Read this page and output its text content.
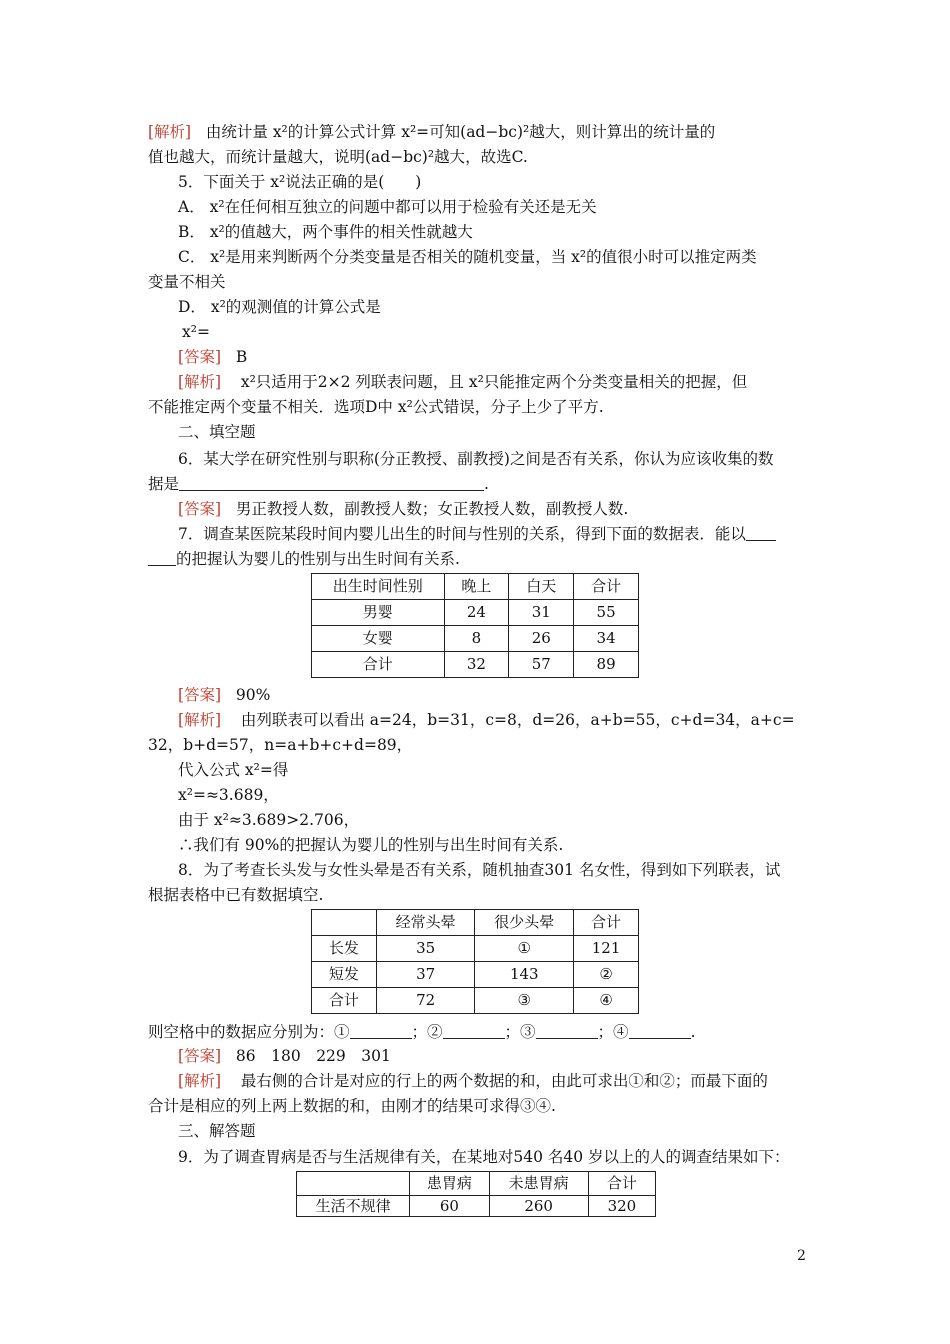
[解析] 由统计量 x²的计算公式计算 x²=可知(ad−bc)²越大，则计算出的统计量的
值也越大，而统计量越大，说明(ad−bc)²越大，故选C.
5．下面关于 x²说法正确的是(　　)
A． x²在任何相互独立的问题中都可以用于检验有关还是无关
B． x²的值越大，两个事件的相关性就越大
C． x²是用来判断两个分类变量是否相关的随机变量，当 x²的值很小时可以推定两类
变量不相关
D． x²的观测值的计算公式是
x²=
[答案] B
[解析] x²只适用于2×2 列联表问题，且 x²只能推定两个分类变量相关的把握，但
不能推定两个变量不相关．选项D中 x²公式错误，分子上少了平方.
二、填空题
6．某大学在研究性别与职称(分正教授、副教授)之间是否有关系，你认为应该收集的数
据是	.
[答案] 男正教授人数，副教授人数；女正教授人数，副教授人数.
7．调查某医院某段时间内婴儿出生的时间与性别的关系，得到下面的数据表．能以
的把握认为婴儿的性别与出生时间有关系.
出生时间性别	晚上	白天	合计
男婴	24	31	55
女婴	8	26	34
合计	32	57	89
[答案] 90%
[解析] 由列联表可以看出 a=24，b=31，c=8，d=26，a+b=55，c+d=34，a+c=
32，b+d=57，n=a+b+c+d=89，
代入公式 x²=得
x²=≈3.689，
由于 x²≈3.689>2.706，
∴我们有 90%的把握认为婴儿的性别与出生时间有关系.
8．为了考查长头发与女性头晕是否有关系，随机抽查301 名女性，得到如下列联表，试
根据表格中已有数据填空.
	经常头晕	很少头晕	合计
长发	35	①	121
短发	37	143	②
合计	72	③	④
则空格中的数据应分别为：①	；②	；③	；④	.
[答案] 86　180　229　301
[解析] 最右侧的合计是对应的行上的两个数据的和，由此可求出①和②；而最下面的
合计是相应的列上两上数据的和，由刚才的结果可求得③④.
三、解答题
9．为了调查胃病是否与生活规律有关，在某地对540 名40 岁以上的人的调查结果如下：
	患胃病	未患胃病	合计
生活不规律	60	260	320
2
